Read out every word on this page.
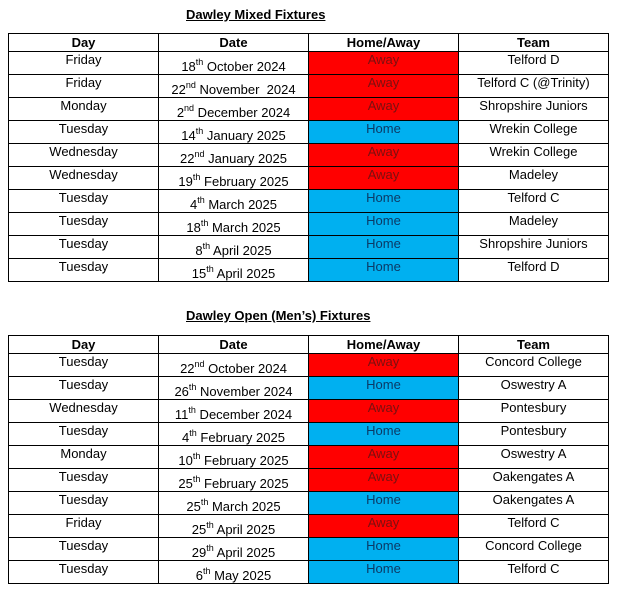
Dawley Mixed Fixtures
Day	Date	Home/Away	Team
Friday	18th October 2024	Away	Telford D
Friday	22nd November  2024	Away	Telford C (@Trinity)
Monday	2nd December 2024	Away	Shropshire Juniors
Tuesday	14th January 2025	Home	Wrekin College
Wednesday	22nd January 2025	Away	Wrekin College
Wednesday	19th February 2025	Away	Madeley
Tuesday	4th March 2025	Home	Telford C
Tuesday	18th March 2025	Home	Madeley
Tuesday	8th April 2025	Home	Shropshire Juniors
Tuesday	15th April 2025	Home	Telford D
Dawley Open (Men’s) Fixtures
Day	Date	Home/Away	Team
Tuesday	22nd October 2024	Away	Concord College
Tuesday	26th November 2024	Home	Oswestry A
Wednesday	11th December 2024	Away	Pontesbury
Tuesday	4th February 2025	Home	Pontesbury
Monday	10th February 2025	Away	Oswestry A
Tuesday	25th February 2025	Away	Oakengates A
Tuesday	25th March 2025	Home	Oakengates A
Friday	25th April 2025	Away	Telford C
Tuesday	29th April 2025	Home	Concord College
Tuesday	6th May 2025	Home	Telford C
